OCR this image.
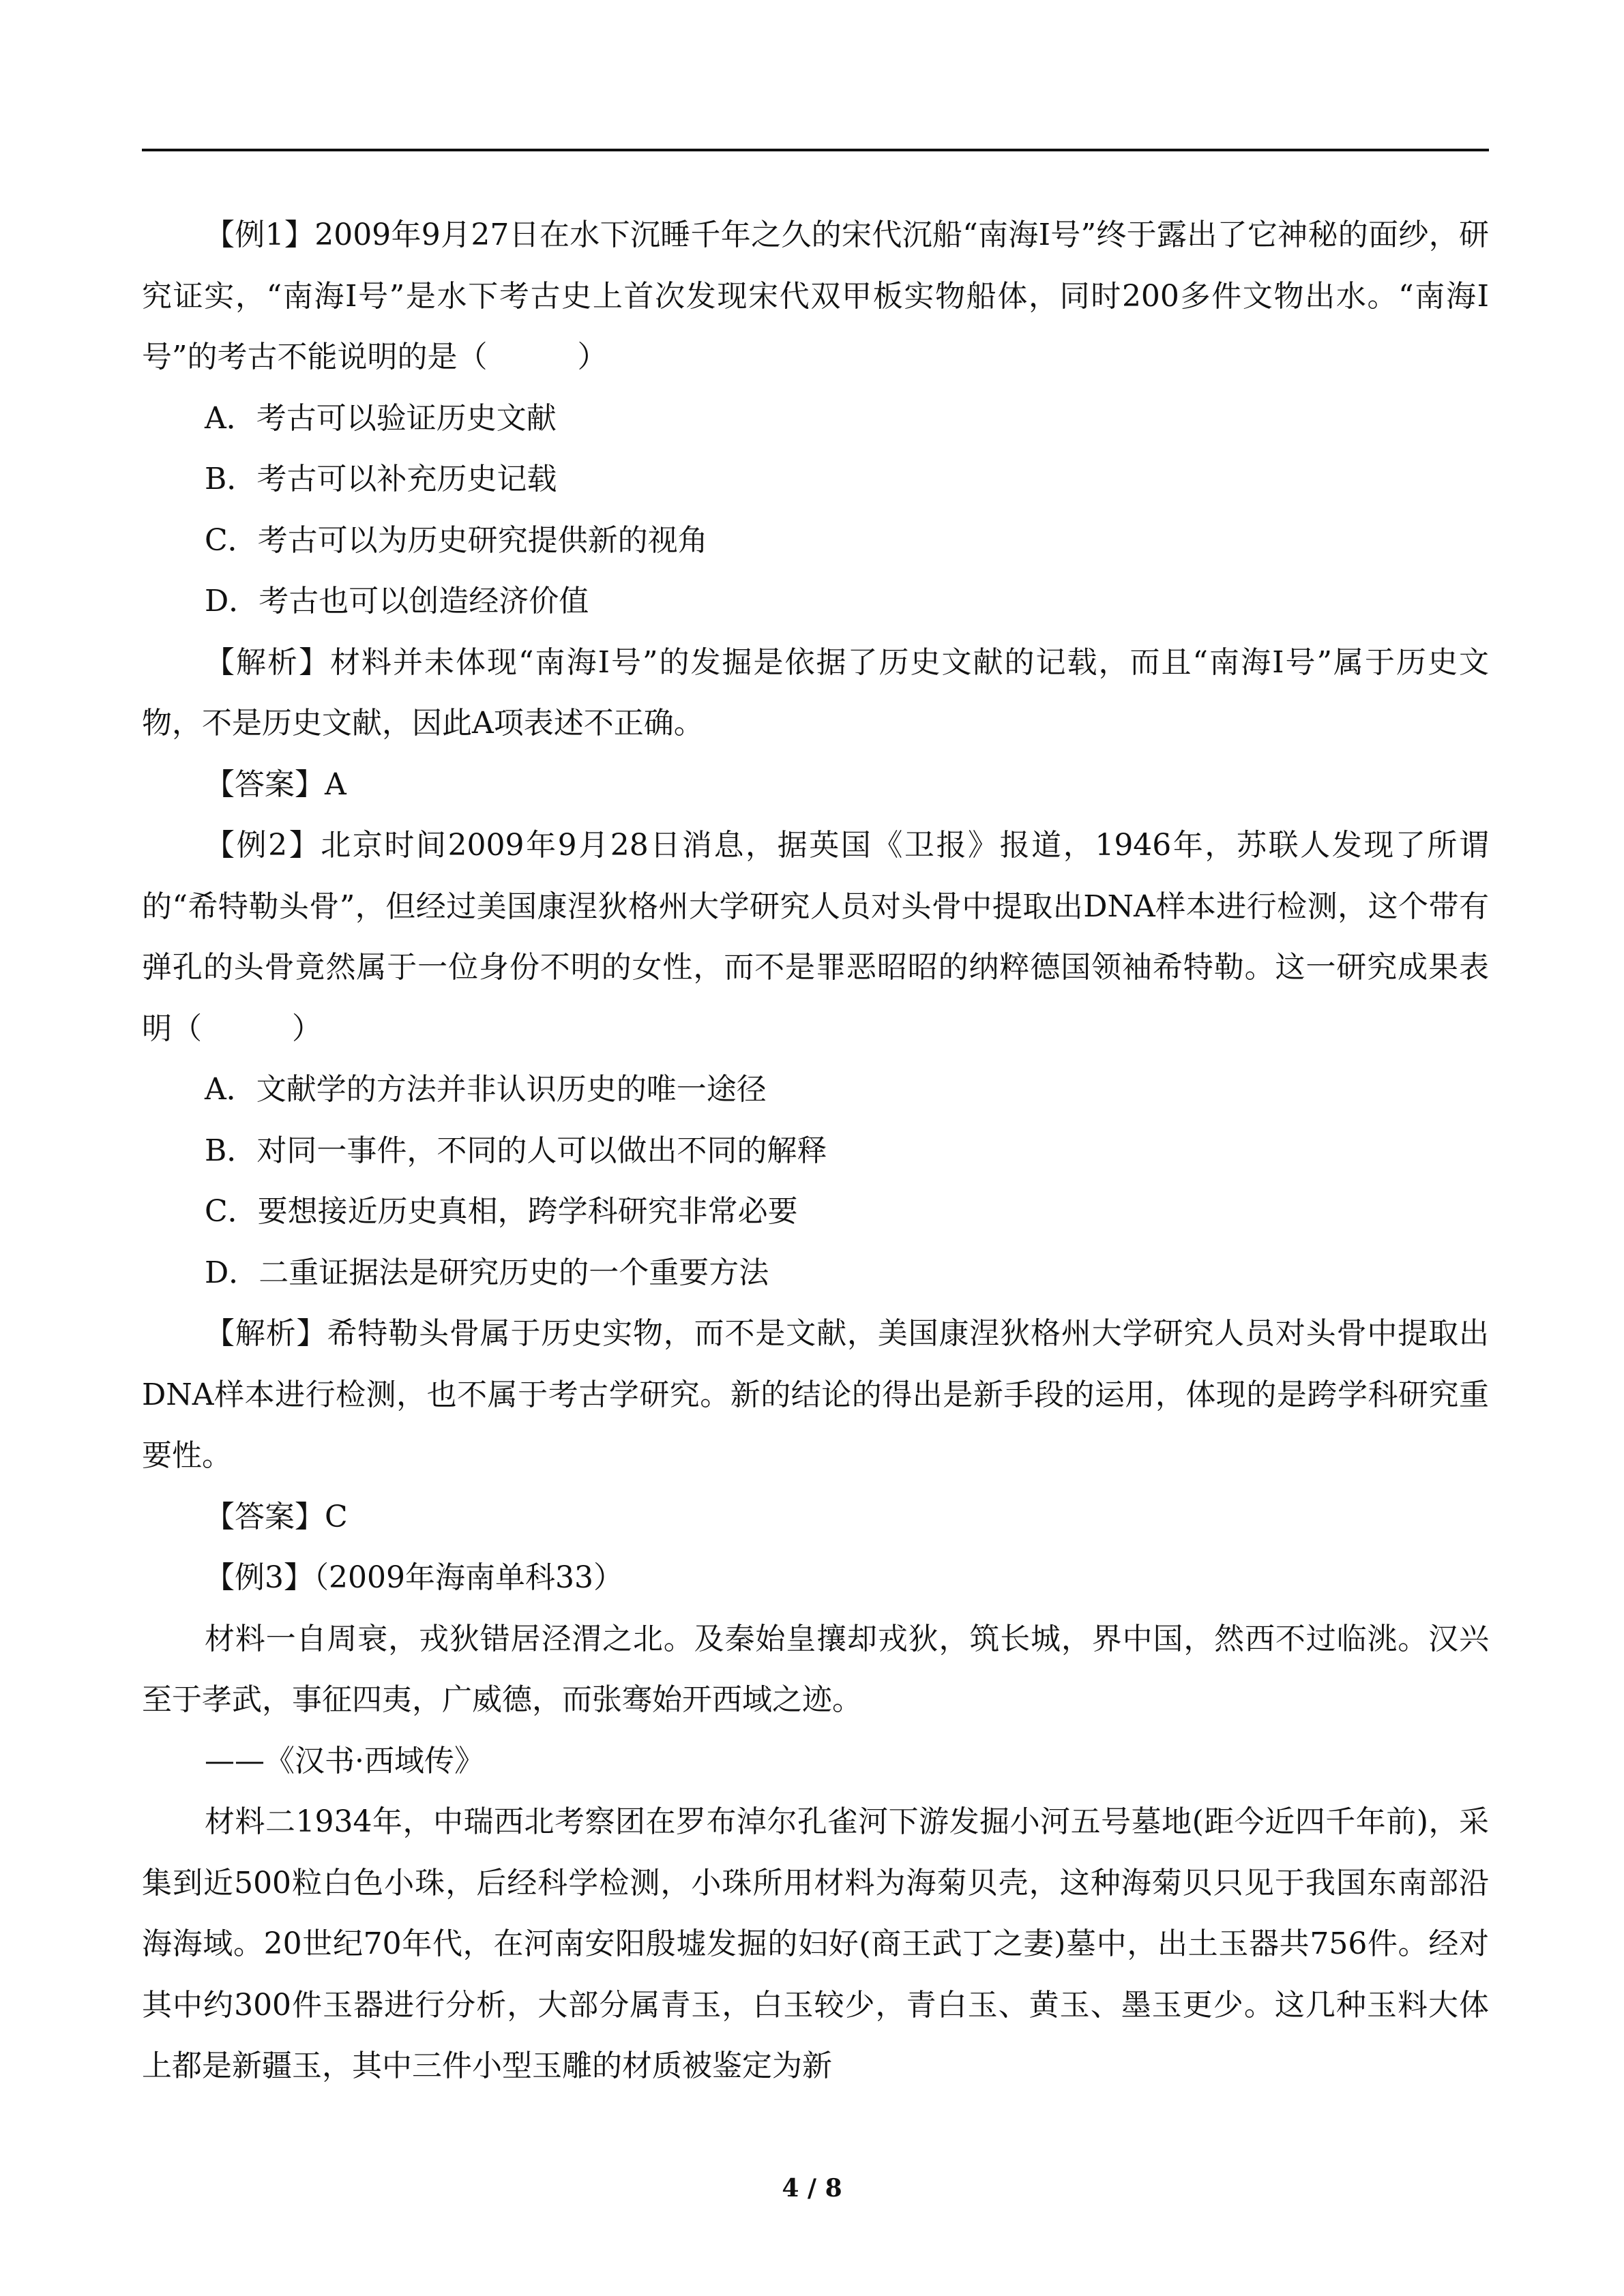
【例1】2009年9月27日在水下沉睡千年之久的宋代沉船“南海Ⅰ号”终于露出了它神秘的面纱，研究证实，“南海Ⅰ号”是水下考古史上首次发现宋代双甲板实物船体，同时200多件文物出水。“南海Ⅰ号”的考古不能说明的是（　　　）

A．考古可以验证历史文献

B．考古可以补充历史记载

C．考古可以为历史研究提供新的视角

D．考古也可以创造经济价值

【解析】材料并未体现“南海Ⅰ号”的发掘是依据了历史文献的记载，而且“南海Ⅰ号”属于历史文物，不是历史文献，因此A项表述不正确。

【答案】A

【例2】北京时间2009年9月28日消息，据英国《卫报》报道，1946年，苏联人发现了所谓的“希特勒头骨”，但经过美国康涅狄格州大学研究人员对头骨中提取出DNA样本进行检测，这个带有弹孔的头骨竟然属于一位身份不明的女性，而不是罪恶昭昭的纳粹德国领袖希特勒。这一研究成果表明（　　　）

A．文献学的方法并非认识历史的唯一途径

B．对同一事件，不同的人可以做出不同的解释

C．要想接近历史真相，跨学科研究非常必要

D．二重证据法是研究历史的一个重要方法

【解析】希特勒头骨属于历史实物，而不是文献，美国康涅狄格州大学研究人员对头骨中提取出DNA样本进行检测，也不属于考古学研究。新的结论的得出是新手段的运用，体现的是跨学科研究重要性。

【答案】C

【例3】（2009年海南单科33）

材料一自周衰，戎狄错居泾渭之北。及秦始皇攘却戎狄，筑长城，界中国，然西不过临洮。汉兴至于孝武，事征四夷，广威德，而张骞始开西域之迹。

——《汉书·西域传》

材料二1934年，中瑞西北考察团在罗布淖尔孔雀河下游发掘小河五号墓地(距今近四千年前)，采集到近500粒白色小珠，后经科学检测，小珠所用材料为海菊贝壳，这种海菊贝只见于我国东南部沿海海域。20世纪70年代，在河南安阳殷墟发掘的妇好(商王武丁之妻)墓中，出土玉器共756件。经对其中约300件玉器进行分析，大部分属青玉，白玉较少，青白玉、黄玉、墨玉更少。这几种玉料大体上都是新疆玉，其中三件小型玉雕的材质被鉴定为新

4 / 8
